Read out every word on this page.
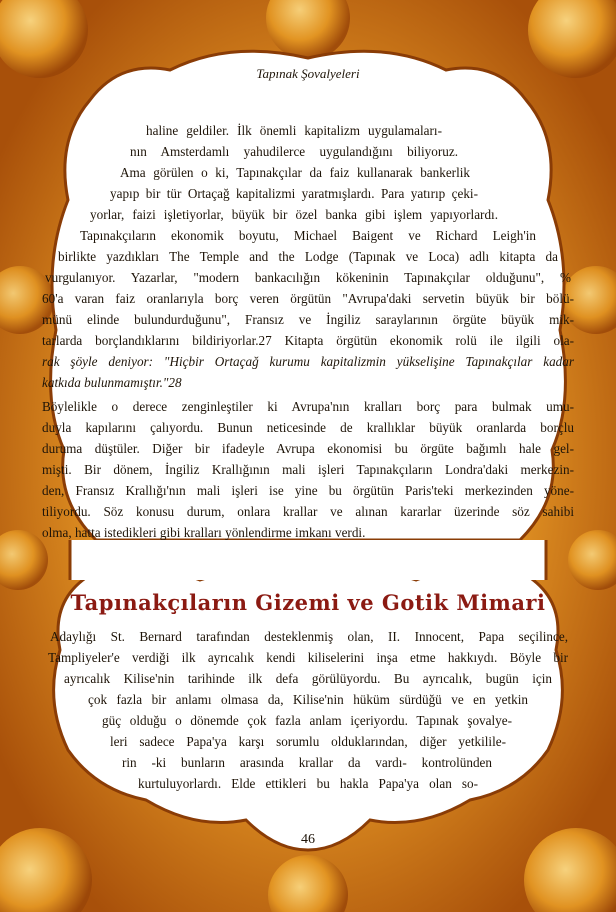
Tapınak Şovalyeleri
haline geldiler. İlk önemli kapitalizm uygulamaları-
nın Amsterdamlı yahudilerce uygulandığını biliyoruz.
Ama görülen o ki, Tapınakçılar da faiz kullanarak bankerlik
yapıp bir tür Ortaçağ kapitalizmi yaratmışlardı. Para yatırıp çeki-
yorlar, faizi işletiyorlar, büyük bir özel banka gibi işlem yapıyorlardı.
Tapınakçıların ekonomik boyutu, Michael Baigent ve Richard Leigh'in
birlikte yazdıkları The Temple and the Lodge (Tapınak ve Loca) adlı kitapta da
vurgulanıyor. Yazarlar, "modern bankacılığın kökeninin Tapınakçılar olduğunu", %
60'a varan faiz oranlarıyla borç veren örgütün "Avrupa'daki servetin büyük bir bölü-
münü elinde bulundurduğunu", Fransız ve İngiliz saraylarının örgüte büyük mik-
tarlarda borçlandıklarını bildiriyorlar.27 Kitapta örgütün ekonomik rolü ile ilgili ola-
rak şöyle deniyor: "Hiçbir Ortaçağ kurumu kapitalizmin yükselişine Tapınakçılar kadar
katkıda bulunmamıştır."28
Böylelikle o derece zenginleştiler ki Avrupa'nın kralları borç para bulmak umu-
duyla kapılarını çalıyordu. Bunun neticesinde de krallıklar büyük oranlarda borçlu
duruma düştüler. Diğer bir ifadeyle Avrupa ekonomisi bu örgüte bağımlı hale gel-
mişti. Bir dönem, İngiliz Krallığının mali işleri Tapınakçıların Londra'daki merkezin-
den, Fransız Krallığı'nın mali işleri ise yine bu örgütün Paris'teki merkezinden yöne-
tiliyordu. Söz konusu durum, onlara krallar ve alınan kararlar üzerinde söz sahibi
olma, hatta istedikleri gibi kralları yönlendirme imkanı verdi.
Tapınakçıların Gizemi ve Gotik Mimari
Adaylığı St. Bernard tarafından desteklenmiş olan, II. Innocent, Papa seçilince,
Tampliyeler'e verdiği ilk ayrıcalık kendi kiliselerini inşa etme hakkıydı. Böyle bir
ayrıcalık Kilise'nin tarihinde ilk defa görülüyordu. Bu ayrıcalık, bugün için
çok fazla bir anlamı olmasa da, Kilise'nin hüküm sürdüğü ve en yetkin
güç olduğu o dönemde çok fazla anlam içeriyordu. Tapınak şovalye-
leri sadece Papa'ya karşı sorumlu olduklarından, diğer yetkilile-
rin -ki bunların arasında krallar da vardı- kontrolünden
kurtuluyorlardı. Elde ettikleri bu hakla Papa'ya olan so-
46
